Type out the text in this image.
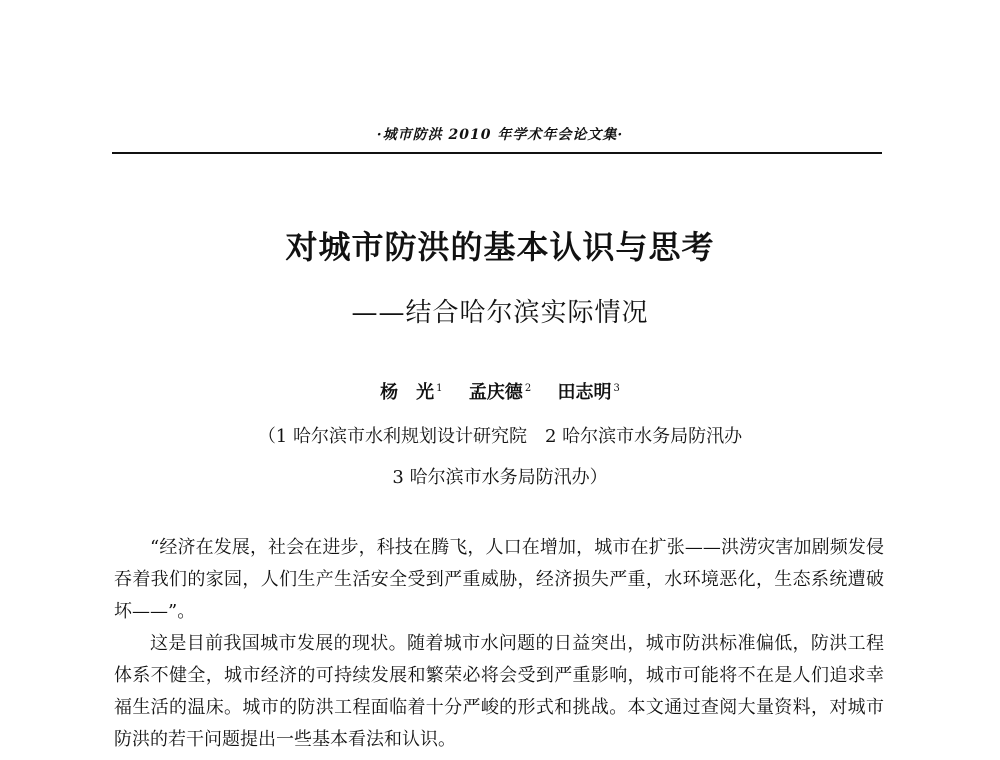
·城市防洪 2010 年学术年会论文集·
对城市防洪的基本认识与思考
——结合哈尔滨实际情况
杨　光 $^1$ 孟庆德 $^2$ 田志明 $^3$
（1 哈尔滨市水利规划设计研究院　2 哈尔滨市水务局防汛办
3 哈尔滨市水务局防汛办）

“经济在发展，社会在进步，科技在腾飞，人口在增加，城市在扩张——洪涝灾害加剧频发侵吞着我们的家园，人们生产生活安全受到严重威胁，经济损失严重，水环境恶化，生态系统遭破坏——”。

这是目前我国城市发展的现状。随着城市水问题的日益突出，城市防洪标准偏低，防洪工程体系不健全，城市经济的可持续发展和繁荣必将会受到严重影响，城市可能将不在是人们追求幸福生活的温床。城市的防洪工程面临着十分严峻的形式和挑战。本文通过查阅大量资料，对城市防洪的若干问题提出一些基本看法和认识。
